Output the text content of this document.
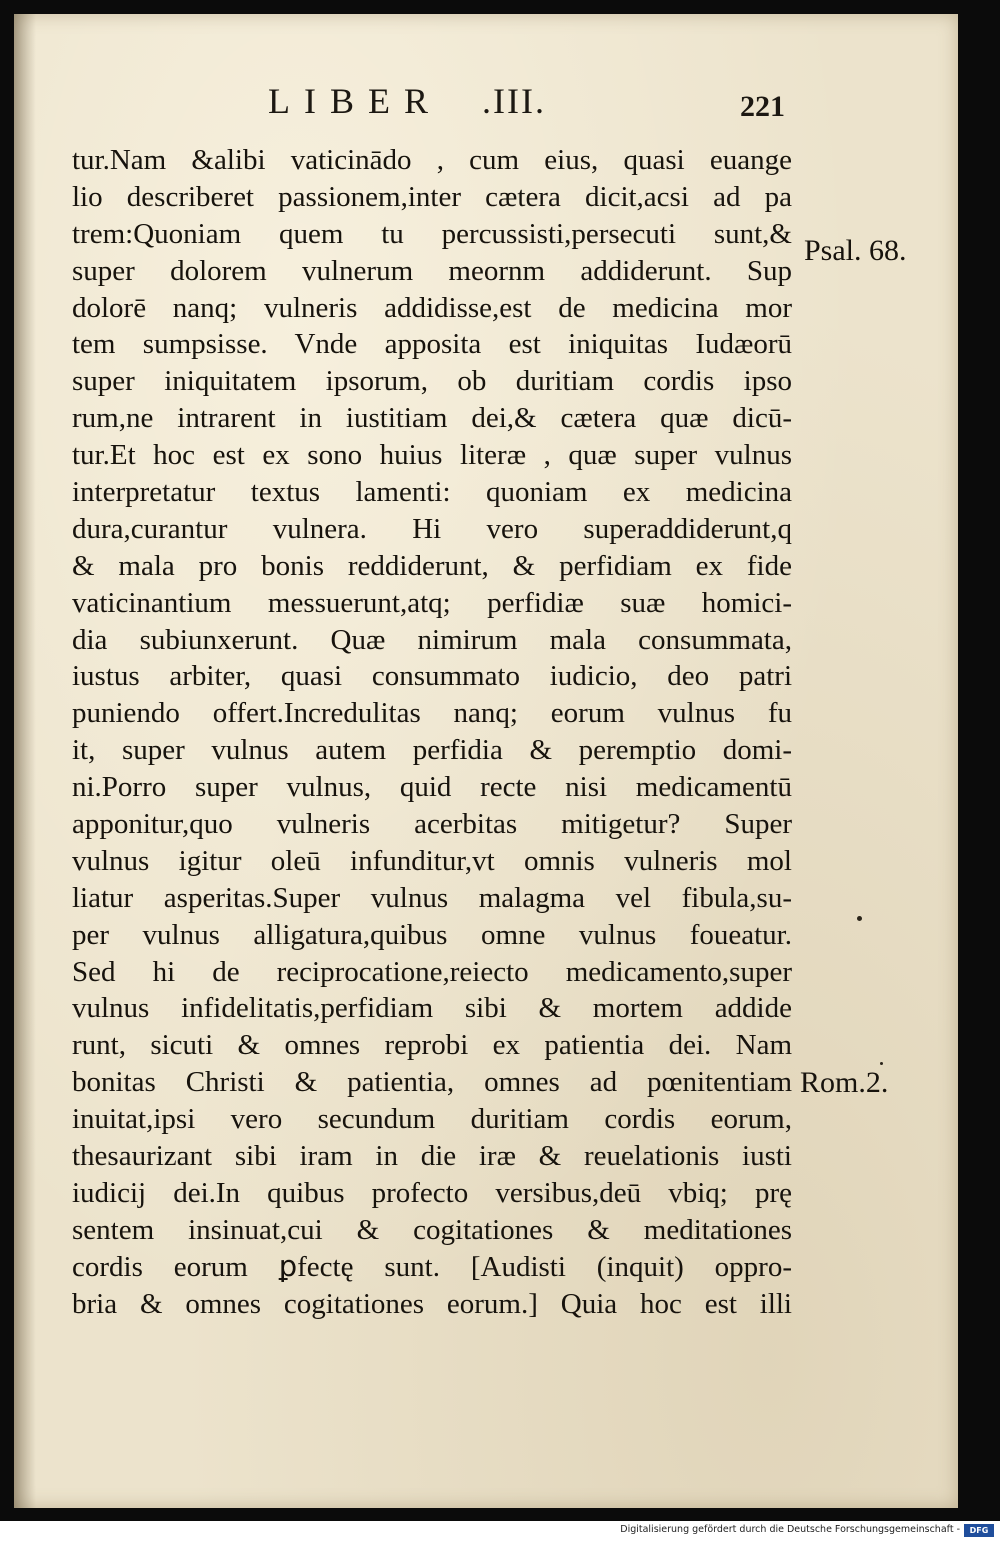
LIBER .III.	221
tur.Nam &alibi vaticinādo , cum eius, quasi euange
lio describeret passionem,inter cætera dicit,acsi ad pa
trem:Quoniam quem tu percussisti,persecuti sunt,&
super dolorem vulnerum meornm addiderunt. Sup
dolorē nanq; vulneris addidisse,est de medicina mor
tem sumpsisse. Vnde apposita est iniquitas Iudæorū
super iniquitatem ipsorum, ob duritiam cordis ipso
rum,ne intrarent in iustitiam dei,& cætera quæ dicū-
tur.Et hoc est ex sono huius literæ , quæ super vulnus
interpretatur textus lamenti: quoniam ex medicina
dura,curantur vulnera. Hi vero superaddiderunt,q
& mala pro bonis reddiderunt, & perfidiam ex fide
vaticinantium messuerunt,atq; perfidiæ suæ homici-
dia subiunxerunt. Quæ nimirum mala consummata,
iustus arbiter, quasi consummato iudicio, deo patri
puniendo offert.Incredulitas nanq; eorum vulnus fu
it, super vulnus autem perfidia & peremptio domi-
ni.Porro super vulnus, quid recte nisi medicamentū
apponitur,quo vulneris acerbitas mitigetur? Super
vulnus igitur oleū infunditur,vt omnis vulneris mol
liatur asperitas.Super vulnus malagma vel fibula,su-
per vulnus alligatura,quibus omne vulnus foueatur.
Sed hi de reciprocatione,reiecto medicamento,super
vulnus infidelitatis,perfidiam sibi & mortem addide
runt, sicuti & omnes reprobi ex patientia dei. Nam
bonitas Christi & patientia, omnes ad pœnitentiam
inuitat,ipsi vero secundum duritiam cordis eorum,
thesaurizant sibi iram in die iræ & reuelationis iusti
iudicij dei.In quibus profecto versibus,deū vbiq; prę
sentem insinuat,cui & cogitationes & meditationes
cordis eorum ꝑfectę sunt. [Audisti (inquit) oppro-
bria & omnes cogitationes eorum.] Quia hoc est illi
Psal. 68.
Rom.2.
Digitalisierung gefördert durch die Deutsche Forschungsgemeinschaft -	DFG
